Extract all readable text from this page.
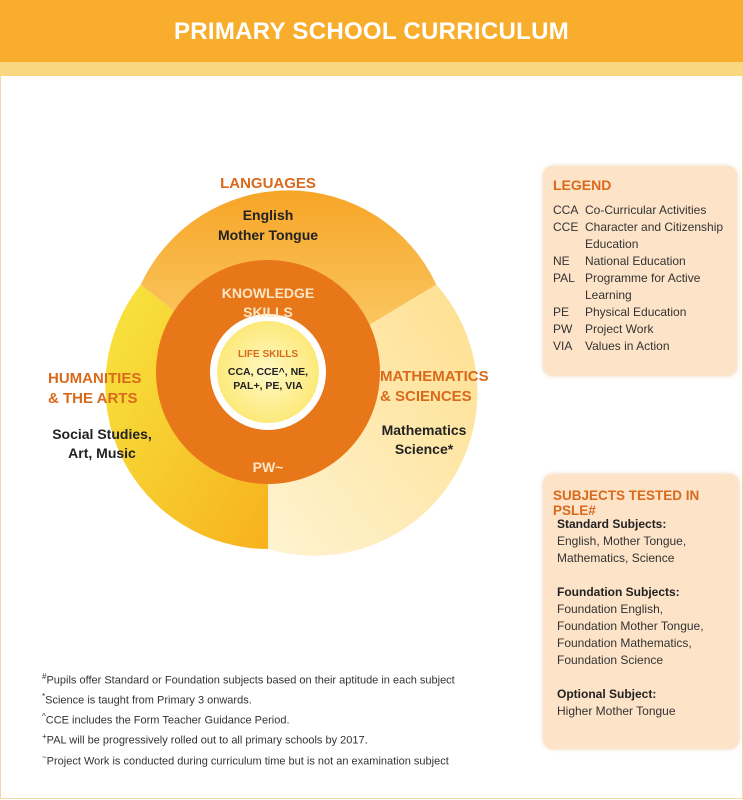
PRIMARY SCHOOL CURRICULUM
LANGUAGES
English
Mother Tongue
HUMANITIES
& THE ARTS
Social Studies,
Art, Music
MATHEMATICS
& SCIENCES
Mathematics
Science*
KNOWLEDGE
SKILLS
PW~
LIFE SKILLS
CCA, CCE^, NE,
PAL+, PE, VIA
LEGEND
CCA Co-Curricular Activities
CCE Character and Citizenship Education
NE	National Education
PAL Programme for Active Learning
PE	Physical Education
PW	Project Work
VIA	Values in Action
SUBJECTS TESTED IN PSLE#

Standard Subjects:

English, Mother Tongue,

Mathematics, Science

Foundation Subjects:

Foundation English,

Foundation Mother Tongue,

Foundation Mathematics,

Foundation Science

Optional Subject:

Higher Mother Tongue

#Pupils offer Standard or Foundation subjects based on their aptitude in each subject
*Science is taught from Primary 3 onwards.
^CCE includes the Form Teacher Guidance Period.
+PAL will be progressively rolled out to all primary schools by 2017.
~Project Work is conducted during curriculum time but is not an examination subject
